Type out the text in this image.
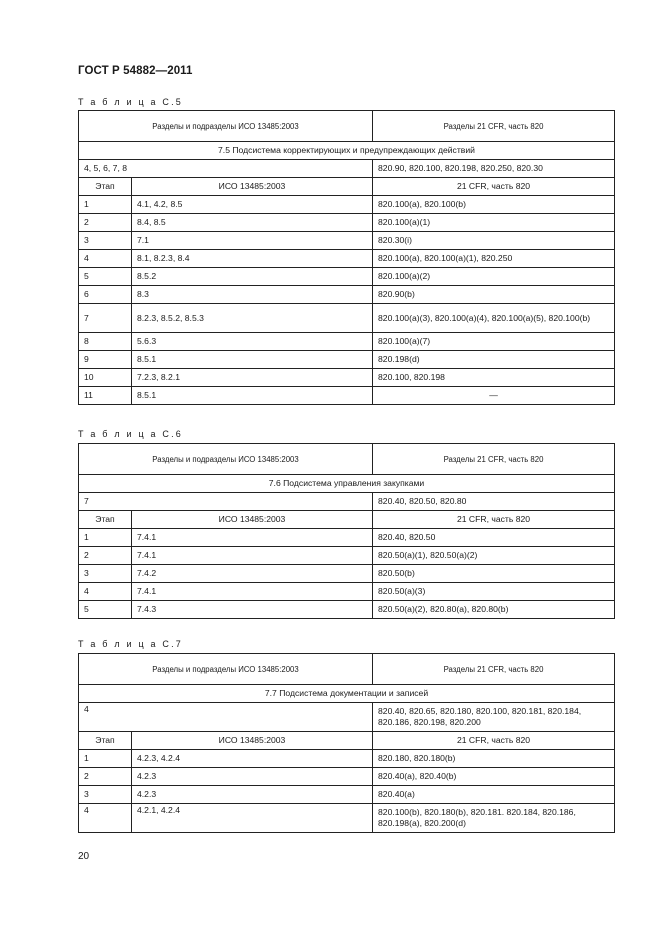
ГОСТ Р 54882—2011
Т а б л и ц а С.5
Разделы и подразделы ИСО 13485:2003		Разделы 21 CFR, часть 820
7.5 Подсистема корректирующих и предупреждающих действий		
4, 5, 6, 7, 8		820.90, 820.100, 820.198, 820.250, 820.30
Этап	ИСО 13485:2003	21 CFR, часть 820
1	4.1, 4.2, 8.5	820.100(a), 820.100(b)
2	8.4, 8.5	820.100(a)(1)
3	7.1	820.30(i)
4	8.1, 8.2.3, 8.4	820.100(a), 820.100(a)(1), 820.250
5	8.5.2	820.100(a)(2)
6	8.3	820.90(b)
7	8.2.3, 8.5.2, 8.5.3	820.100(a)(3), 820.100(a)(4), 820.100(a)(5), 820.100(b)
8	5.6.3	820.100(a)(7)
9	8.5.1	820.198(d)
10	7.2.3, 8.2.1	820.100, 820.198
11	8.5.1	—
Т а б л и ц а С.6
Разделы и подразделы ИСО 13485:2003		Разделы 21 CFR, часть 820
7.6 Подсистема управления закупками		
7		820.40, 820.50, 820.80
Этап	ИСО 13485:2003	21 CFR, часть 820
1	7.4.1	820.40, 820.50
2	7.4.1	820.50(a)(1), 820.50(a)(2)
3	7.4.2	820.50(b)
4	7.4.1	820.50(a)(3)
5	7.4.3	820.50(a)(2), 820.80(a), 820.80(b)
Т а б л и ц а С.7
Разделы и подразделы ИСО 13485:2003		Разделы 21 CFR, часть 820
7.7 Подсистема документации и записей		
4		820.40, 820.65, 820.180, 820.100, 820.181, 820.184, 820.186, 820.198, 820.200
Этап	ИСО 13485:2003	21 CFR, часть 820
1	4.2.3, 4.2.4	820.180, 820.180(b)
2	4.2.3	820.40(a), 820.40(b)
3	4.2.3	820.40(a)
4	4.2.1, 4.2.4	820.100(b), 820.180(b), 820.181. 820.184, 820.186, 820.198(a), 820.200(d)
20
